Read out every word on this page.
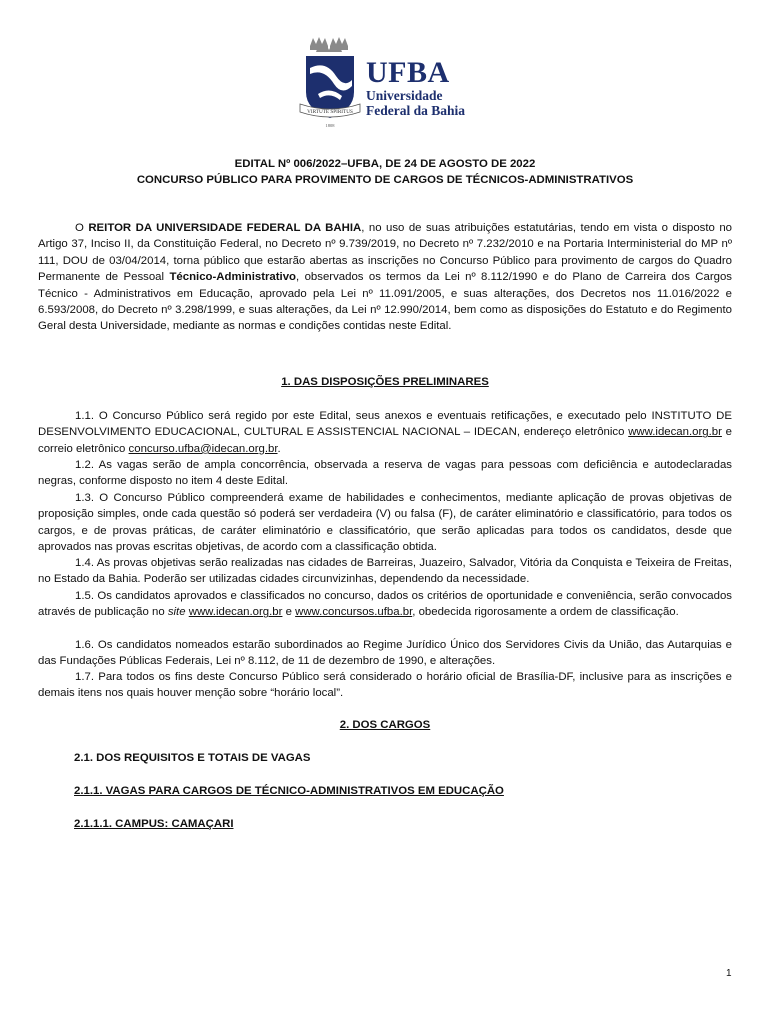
VIRTUTE SPIRITUS
1808
UFBA
Universidade
Federal da Bahia
EDITAL Nº 006/2022–UFBA, DE 24 DE AGOSTO DE 2022
CONCURSO PÚBLICO PARA PROVIMENTO DE CARGOS DE TÉCNICOS-ADMINISTRATIVOS

O REITOR DA UNIVERSIDADE FEDERAL DA BAHIA, no uso de suas atribuições estatutárias, tendo em vista o disposto no Artigo 37, Inciso II, da Constituição Federal, no Decreto nº 9.739/2019, no Decreto nº 7.232/2010 e na Portaria Interministerial do MP nº 111, DOU de 03/04/2014, torna público que estarão abertas as inscrições no Concurso Público para provimento de cargos do Quadro Permanente de Pessoal Técnico-Administrativo, observados os termos da Lei nº 8.112/1990 e do Plano de Carreira dos Cargos Técnico - Administrativos em Educação, aprovado pela Lei nº 11.091/2005, e suas alterações, dos Decretos nos 11.016/2022 e 6.593/2008, do Decreto nº 3.298/1999, e suas alterações, da Lei nº 12.990/2014, bem como as disposições do Estatuto e do Regimento Geral desta Universidade, mediante as normas e condições contidas neste Edital.

1. DAS DISPOSIÇÕES PRELIMINARES

1.1. O Concurso Público será regido por este Edital, seus anexos e eventuais retificações, e executado pelo INSTITUTO DE DESENVOLVIMENTO EDUCACIONAL, CULTURAL E ASSISTENCIAL NACIONAL – IDECAN, endereço eletrônico www.idecan.org.br e correio eletrônico concurso.ufba@idecan.org.br.

1.2. As vagas serão de ampla concorrência, observada a reserva de vagas para pessoas com deficiência e autodeclaradas negras, conforme disposto no item 4 deste Edital.

1.3. O Concurso Público compreenderá exame de habilidades e conhecimentos, mediante aplicação de provas objetivas de proposição simples, onde cada questão só poderá ser verdadeira (V) ou falsa (F), de caráter eliminatório e classificatório, para todos os cargos, e de provas práticas, de caráter eliminatório e classificatório, que serão aplicadas para todos os candidatos, desde que aprovados nas provas escritas objetivas, de acordo com a classificação obtida.

1.4. As provas objetivas serão realizadas nas cidades de Barreiras, Juazeiro, Salvador, Vitória da Conquista e Teixeira de Freitas, no Estado da Bahia. Poderão ser utilizadas cidades circunvizinhas, dependendo da necessidade.

1.5. Os candidatos aprovados e classificados no concurso, dados os critérios de oportunidade e conveniência, serão convocados através de publicação no site www.idecan.org.br e www.concursos.ufba.br, obedecida rigorosamente a ordem de classificação.

1.6. Os candidatos nomeados estarão subordinados ao Regime Jurídico Único dos Servidores Civis da União, das Autarquias e das Fundações Públicas Federais, Lei nº 8.112, de 11 de dezembro de 1990, e alterações.

1.7. Para todos os fins deste Concurso Público será considerado o horário oficial de Brasília-DF, inclusive para as inscrições e demais itens nos quais houver menção sobre “horário local”.

2. DOS CARGOS

2.1. DOS REQUISITOS E TOTAIS DE VAGAS

2.1.1. VAGAS PARA CARGOS DE TÉCNICO-ADMINISTRATIVOS EM EDUCAÇÃO

2.1.1.1. CAMPUS: CAMAÇARI

1
